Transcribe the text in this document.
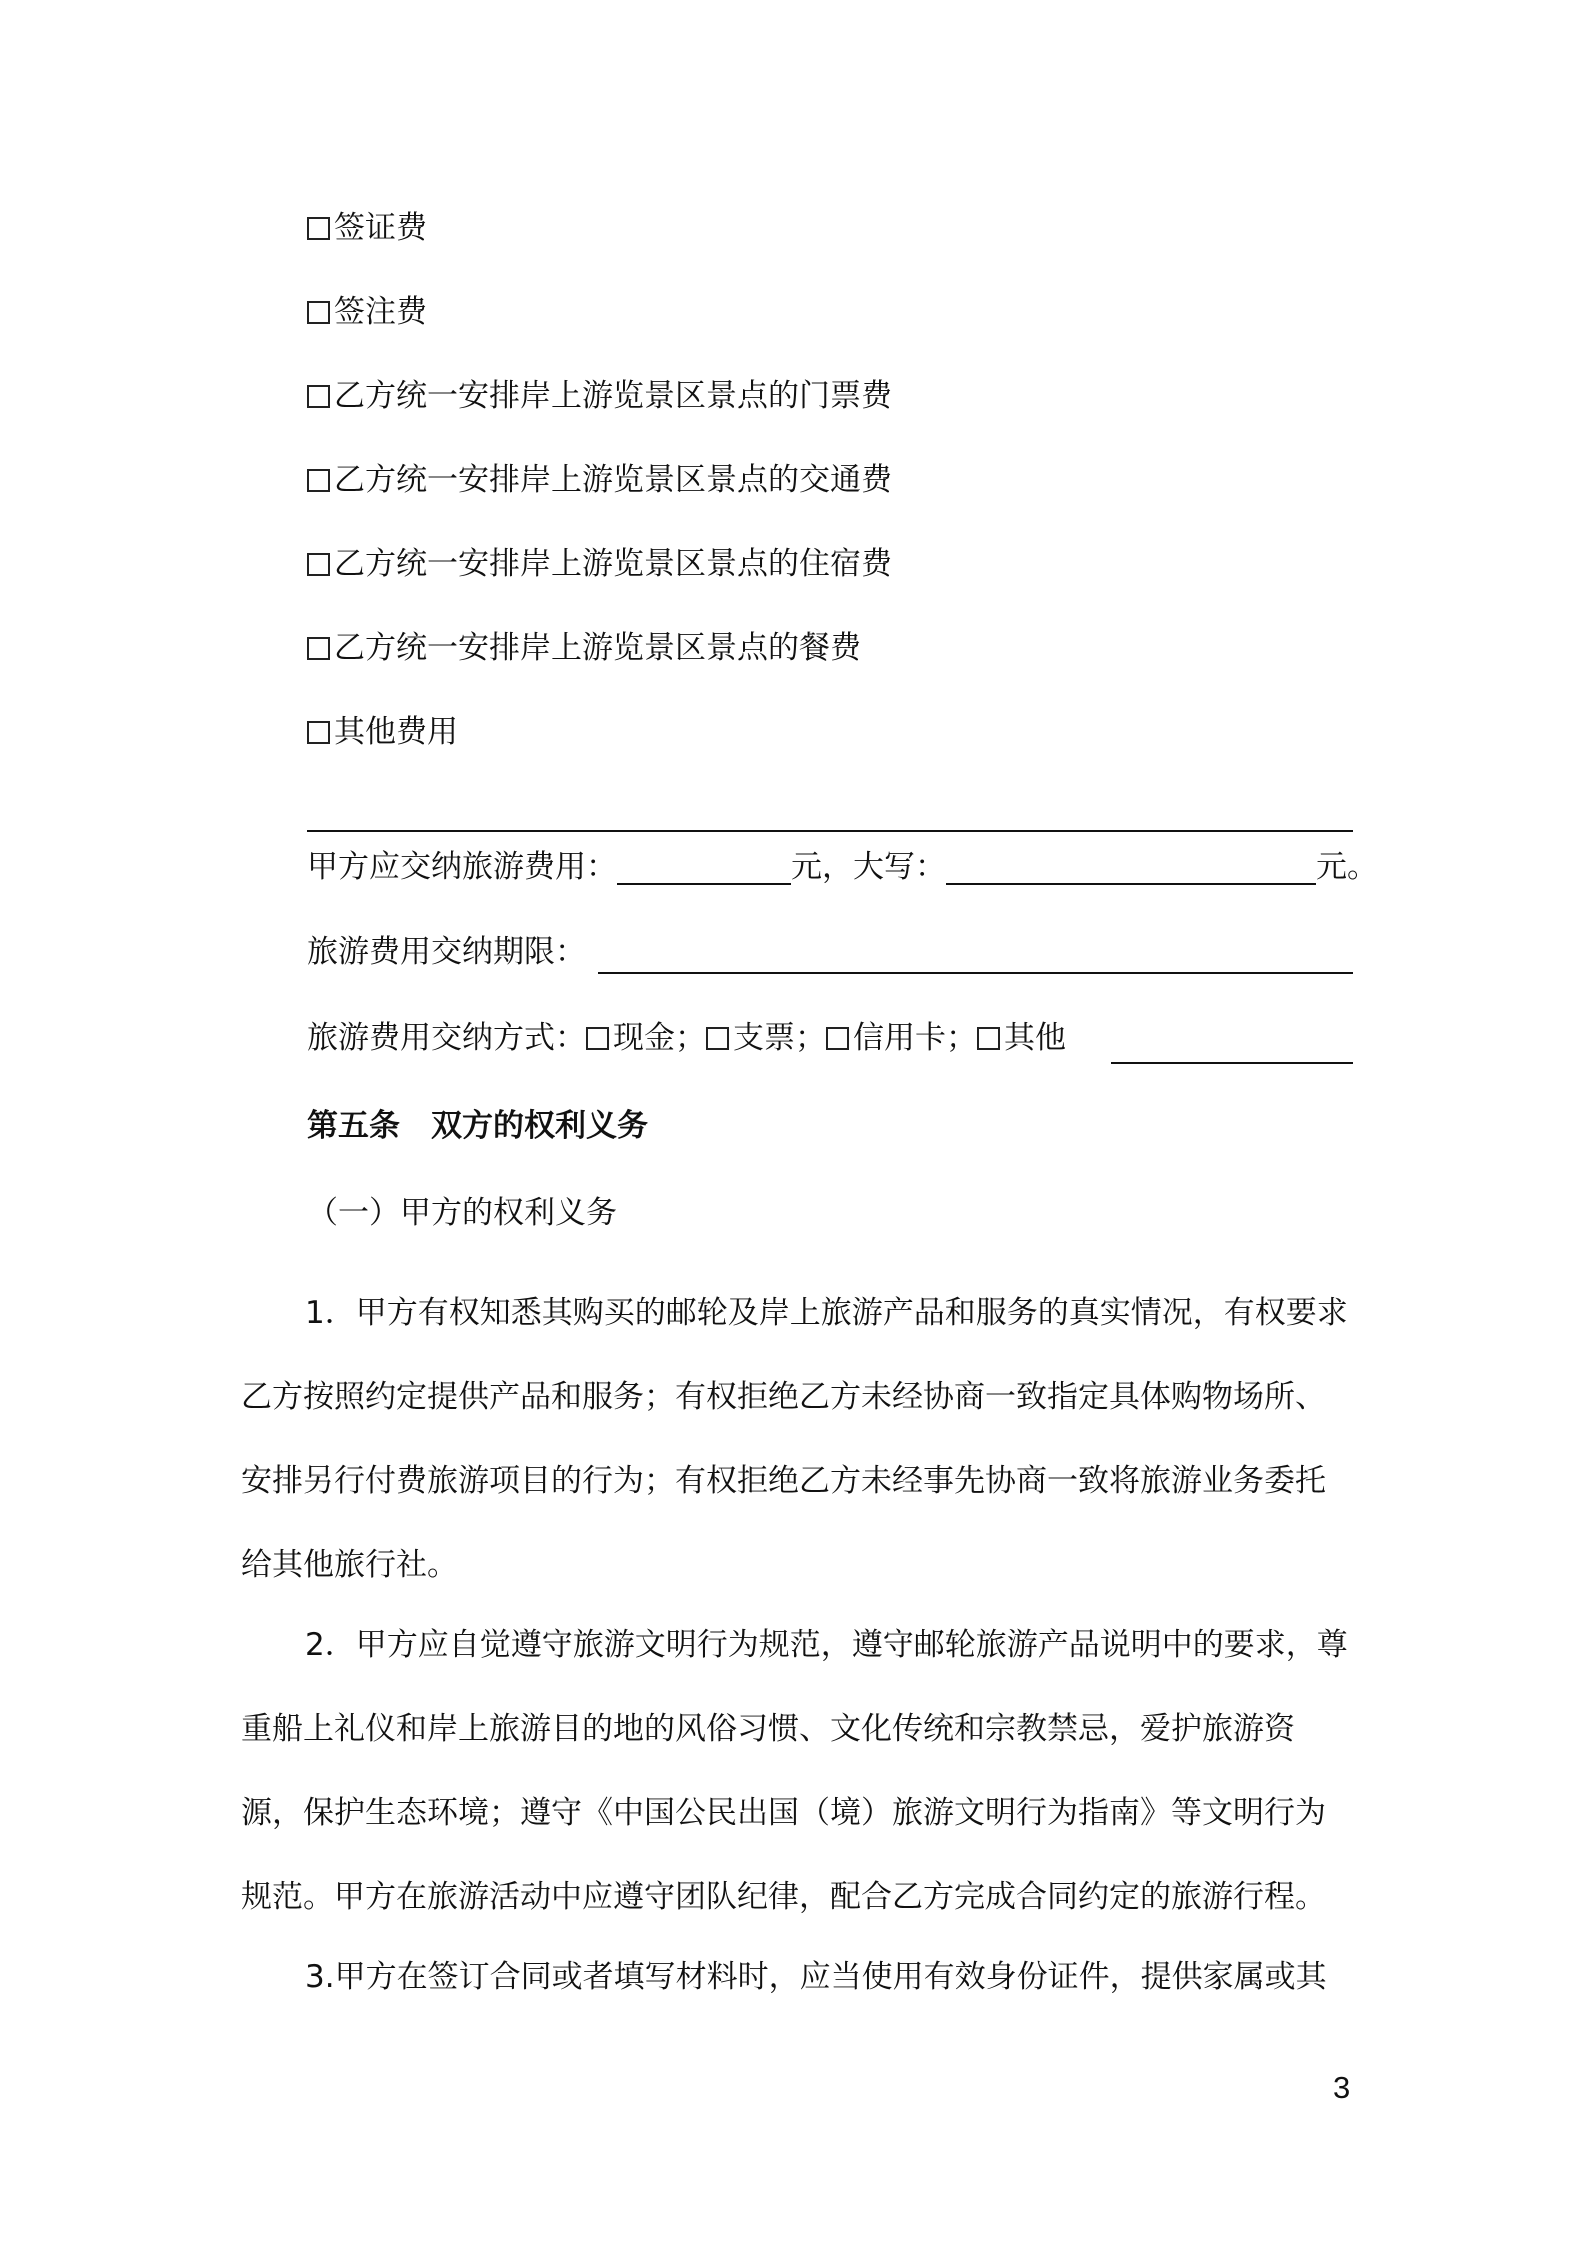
签证费
签注费
乙方统一安排岸上游览景区景点的门票费
乙方统一安排岸上游览景区景点的交通费
乙方统一安排岸上游览景区景点的住宿费
乙方统一安排岸上游览景区景点的餐费
其他费用
甲方应交纳旅游费用：	元，大写：	元。
旅游费用交纳期限：
旅游费用交纳方式： 现金； 支票； 信用卡； 其他
第五条　双方的权利义务
（一）甲方的权利义务
1．甲方有权知悉其购买的邮轮及岸上旅游产品和服务的真实情况，有权要求乙方按照约定提供产品和服务；有权拒绝乙方未经协商一致指定具体购物场所、安排另行付费旅游项目的行为；有权拒绝乙方未经事先协商一致将旅游业务委托给其他旅行社。
2．甲方应自觉遵守旅游文明行为规范，遵守邮轮旅游产品说明中的要求，尊重船上礼仪和岸上旅游目的地的风俗习惯、文化传统和宗教禁忌，爱护旅游资源，保护生态环境；遵守《中国公民出国（境）旅游文明行为指南》等文明行为规范。甲方在旅游活动中应遵守团队纪律，配合乙方完成合同约定的旅游行程。
3.甲方在签订合同或者填写材料时，应当使用有效身份证件，提供家属或其
3
